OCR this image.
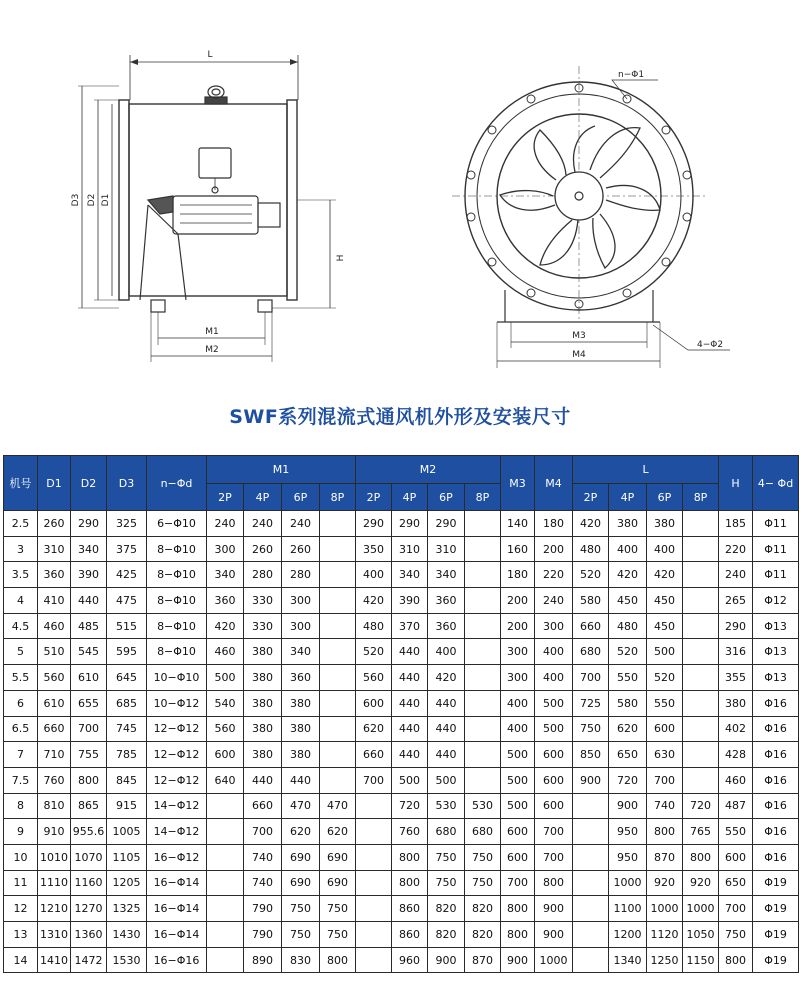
L
D3 D2 D1
H
M1
M2
n−Φ1
M3
M4
4−Φ2
SWF系列混流式通风机外形及安装尺寸
机号	D1	D2	D3	n−Φd	M1				M2				M3	M4	L				H	4− Φd
					2P	4P	6P	8P	2P	4P	6P	8P			2P	4P	6P	8P		
2.5	260	290	325	6−Φ10	240	240	240		290	290	290		140	180	420	380	380		185	Φ11
3	310	340	375	8−Φ10	300	260	260		350	310	310		160	200	480	400	400		220	Φ11
3.5	360	390	425	8−Φ10	340	280	280		400	340	340		180	220	520	420	420		240	Φ11
4	410	440	475	8−Φ10	360	330	300		420	390	360		200	240	580	450	450		265	Φ12
4.5	460	485	515	8−Φ10	420	330	300		480	370	360		200	300	660	480	450		290	Φ13
5	510	545	595	8−Φ10	460	380	340		520	440	400		300	400	680	520	500		316	Φ13
5.5	560	610	645	10−Φ10	500	380	360		560	440	420		300	400	700	550	520		355	Φ13
6	610	655	685	10−Φ12	540	380	380		600	440	440		400	500	725	580	550		380	Φ16
6.5	660	700	745	12−Φ12	560	380	380		620	440	440		400	500	750	620	600		402	Φ16
7	710	755	785	12−Φ12	600	380	380		660	440	440		500	600	850	650	630		428	Φ16
7.5	760	800	845	12−Φ12	640	440	440		700	500	500		500	600	900	720	700		460	Φ16
8	810	865	915	14−Φ12		660	470	470		720	530	530	500	600		900	740	720	487	Φ16
9	910	955.6	1005	14−Φ12		700	620	620		760	680	680	600	700		950	800	765	550	Φ16
10	1010	1070	1105	16−Φ12		740	690	690		800	750	750	600	700		950	870	800	600	Φ16
11	1110	1160	1205	16−Φ14		740	690	690		800	750	750	700	800		1000	920	920	650	Φ19
12	1210	1270	1325	16−Φ14		790	750	750		860	820	820	800	900		1100	1000	1000	700	Φ19
13	1310	1360	1430	16−Φ14		790	750	750		860	820	820	800	900		1200	1120	1050	750	Φ19
14	1410	1472	1530	16−Φ16		890	830	800		960	900	870	900	1000		1340	1250	1150	800	Φ19
